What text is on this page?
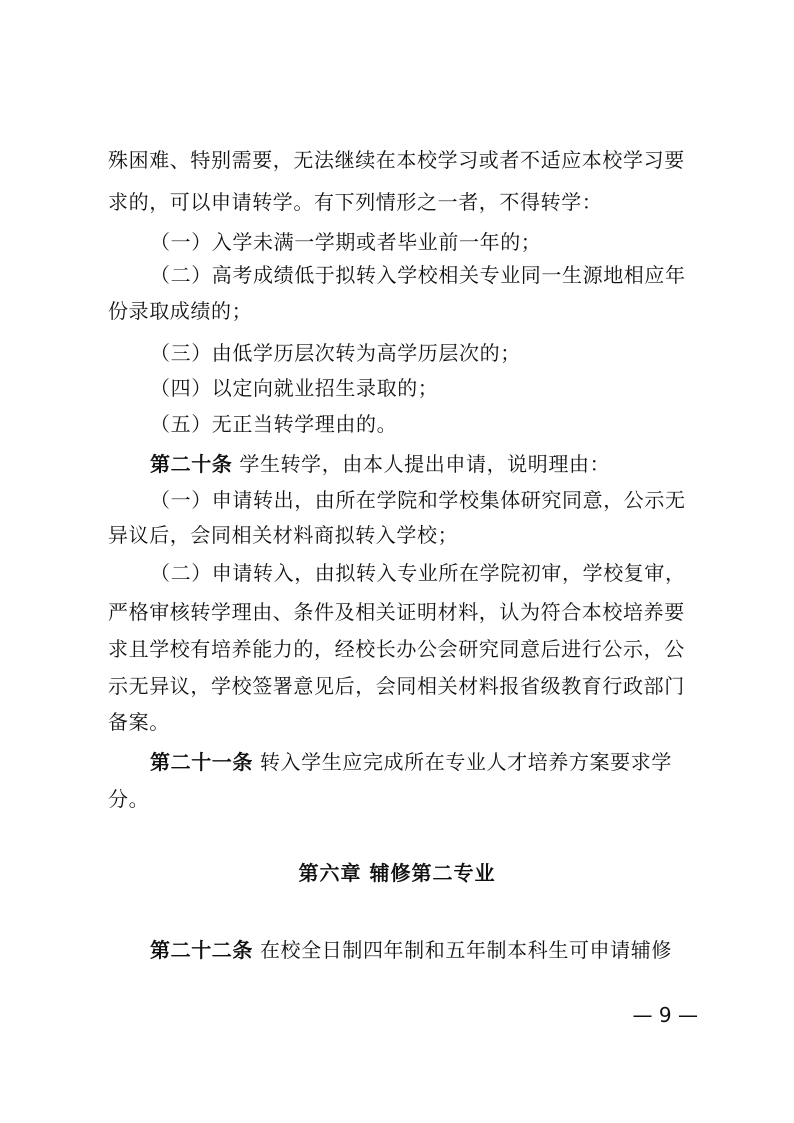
殊困难、特别需要，无法继续在本校学习或者不适应本校学习要
求的，可以申请转学。有下列情形之一者，不得转学：
（一）入学未满一学期或者毕业前一年的；
（二）高考成绩低于拟转入学校相关专业同一生源地相应年
份录取成绩的；
（三）由低学历层次转为高学历层次的；
（四）以定向就业招生录取的；
（五）无正当转学理由的。
第二十条 学生转学，由本人提出申请，说明理由：
（一）申请转出，由所在学院和学校集体研究同意，公示无
异议后，会同相关材料商拟转入学校；
（二）申请转入，由拟转入专业所在学院初审，学校复审，
严格审核转学理由、条件及相关证明材料，认为符合本校培养要
求且学校有培养能力的，经校长办公会研究同意后进行公示，公
示无异议，学校签署意见后，会同相关材料报省级教育行政部门
备案。
第二十一条 转入学生应完成所在专业人才培养方案要求学
分。
第六章 辅修第二专业
第二十二条 在校全日制四年制和五年制本科生可申请辅修
— 9 —
